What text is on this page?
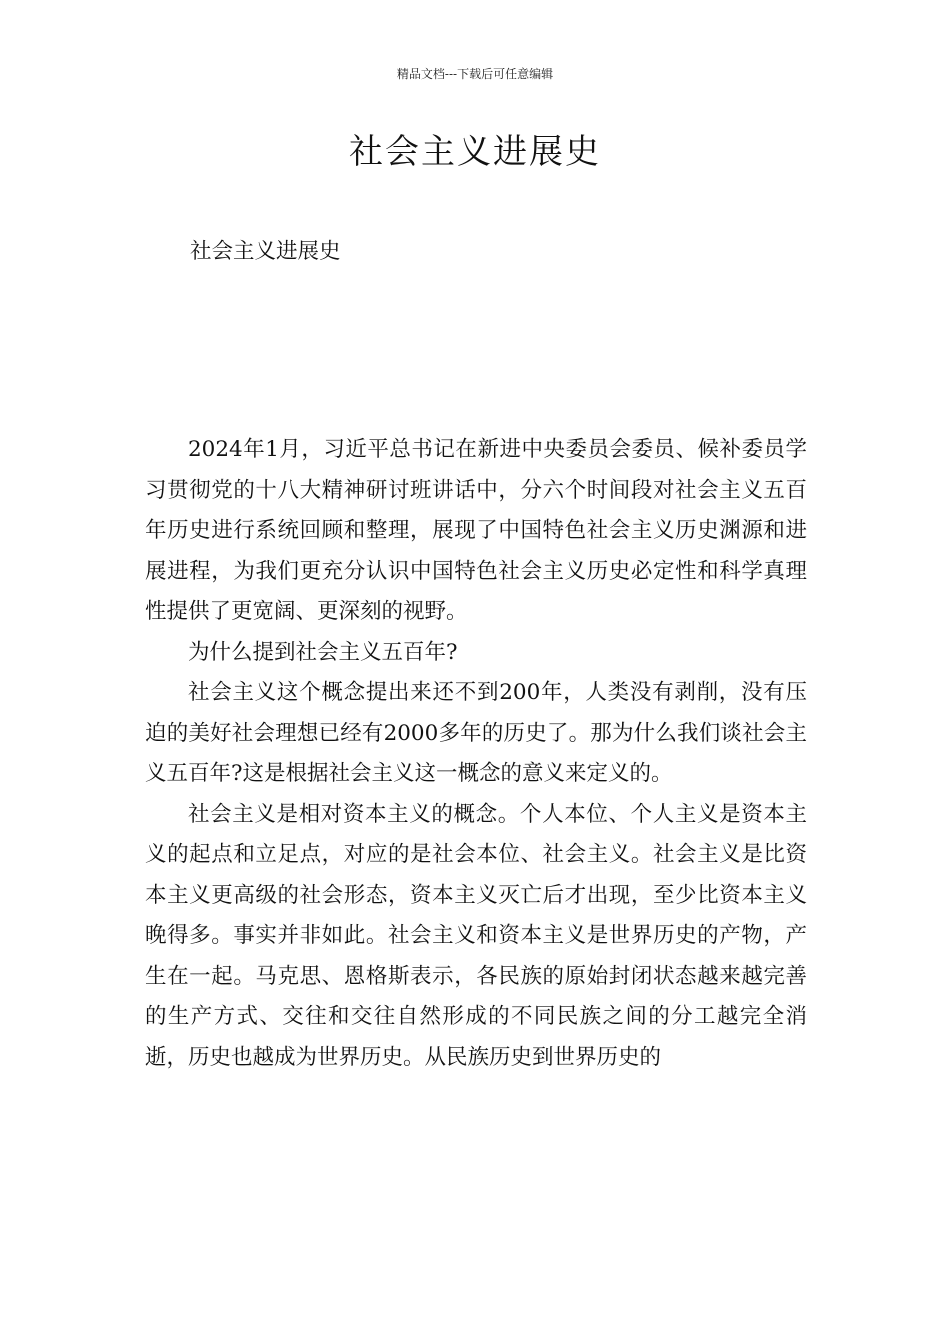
精品文档---下载后可任意编辑
社会主义进展史

社会主义进展史

2024年1月，习近平总书记在新进中央委员会委员、候补委员学习贯彻党的十八大精神研讨班讲话中，分六个时间段对社会主义五百年历史进行系统回顾和整理，展现了中国特色社会主义历史渊源和进展进程，为我们更充分认识中国特色社会主义历史必定性和科学真理性提供了更宽阔、更深刻的视野。

为什么提到社会主义五百年?

社会主义这个概念提出来还不到200年，人类没有剥削，没有压迫的美好社会理想已经有2000多年的历史了。那为什么我们谈社会主义五百年?这是根据社会主义这一概念的意义来定义的。

社会主义是相对资本主义的概念。个人本位、个人主义是资本主义的起点和立足点，对应的是社会本位、社会主义。社会主义是比资本主义更高级的社会形态，资本主义灭亡后才出现，至少比资本主义晚得多。事实并非如此。社会主义和资本主义是世界历史的产物，产生在一起。马克思、恩格斯表示，各民族的原始封闭状态越来越完善的生产方式、交往和交往自然形成的不同民族之间的分工越完全消逝，历史也越成为世界历史。从民族历史到世界历史的
